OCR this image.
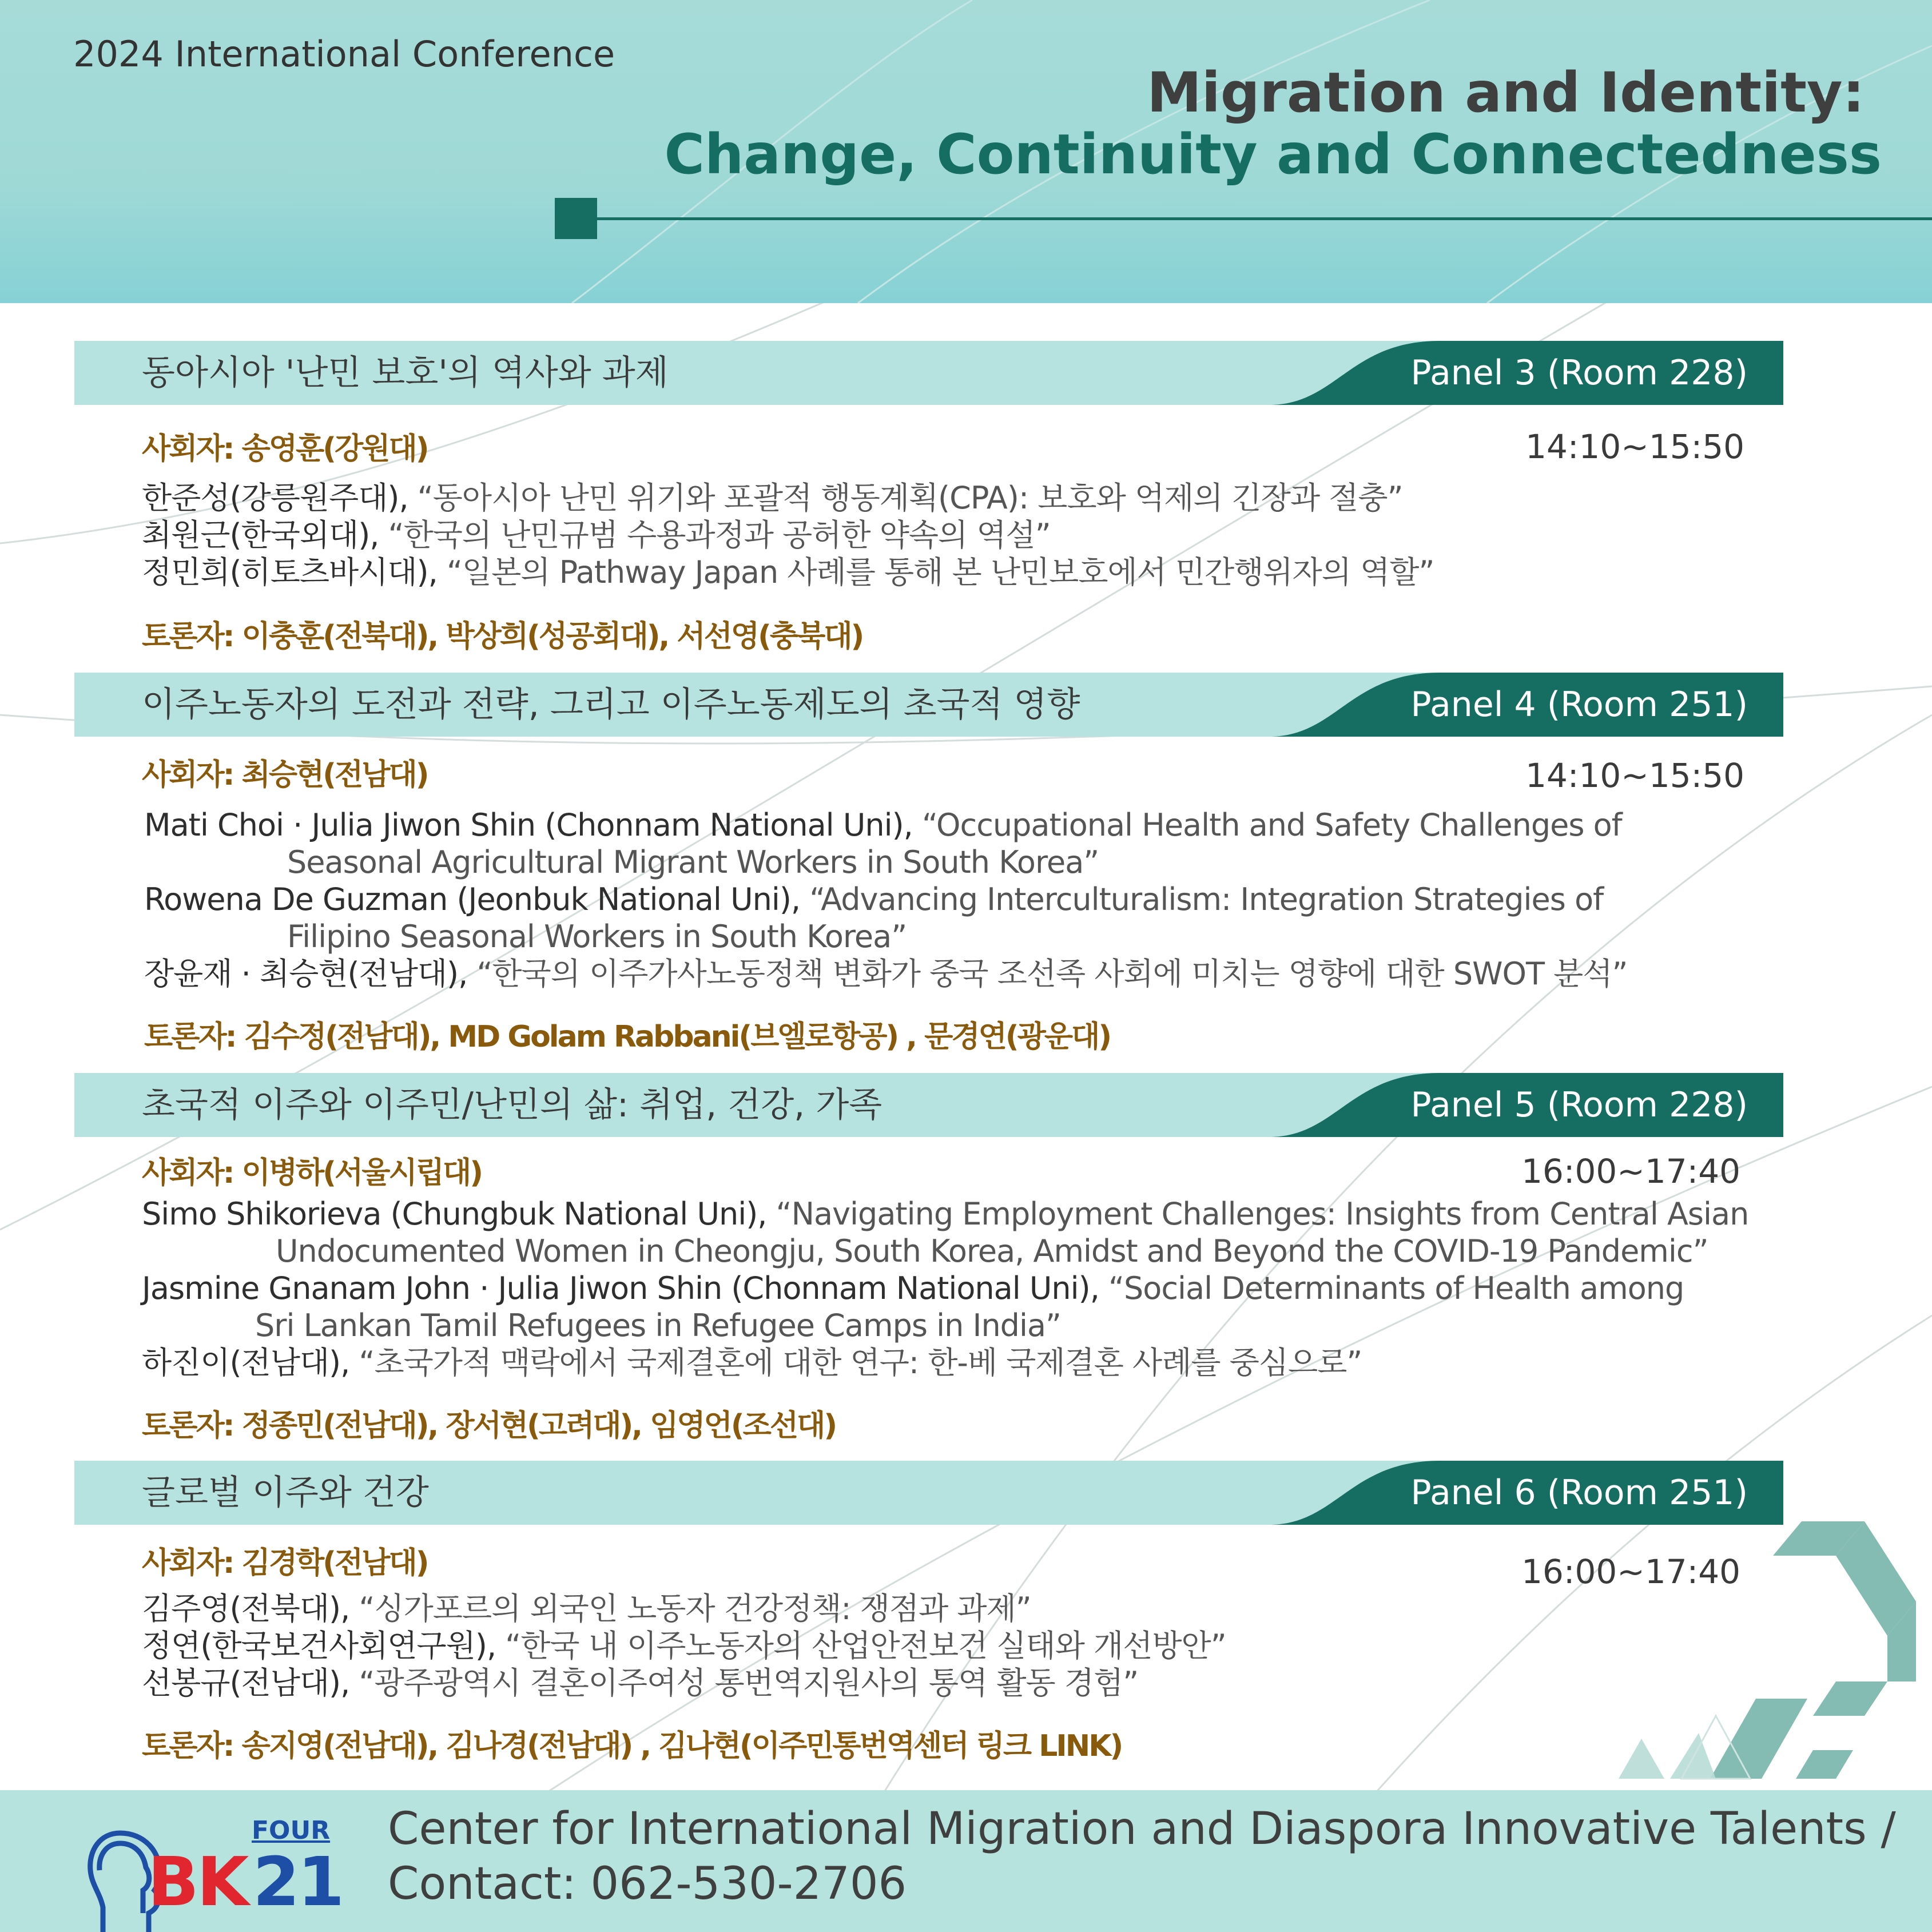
2024 International Conference
Migration and Identity:
Change, Continuity and Connectedness
동아시아 '난민 보호'의 역사와 과제	Panel 3 (Room 228)
사회자: 송영훈(강원대)	14:10~15:50
한준성(강릉원주대), “동아시아 난민 위기와 포괄적 행동계획(CPA): 보호와 억제의 긴장과 절충”
최원근(한국외대), “한국의 난민규범 수용과정과 공허한 약속의 역설”
정민희(히토츠바시대), “일본의 Pathway Japan 사례를 통해 본 난민보호에서 민간행위자의 역할”
토론자: 이충훈(전북대), 박상희(성공회대), 서선영(충북대)
이주노동자의 도전과 전략, 그리고 이주노동제도의 초국적 영향	Panel 4 (Room 251)
사회자: 최승현(전남대)	14:10~15:50
Mati Choi · Julia Jiwon Shin (Chonnam National Uni), “Occupational Health and Safety Challenges of
Seasonal Agricultural Migrant Workers in South Korea”
Rowena De Guzman (Jeonbuk National Uni), “Advancing Interculturalism: Integration Strategies of
Filipino Seasonal Workers in South Korea”
장윤재 · 최승현(전남대), “한국의 이주가사노동정책 변화가 중국 조선족 사회에 미치는 영향에 대한 SWOT 분석”
토론자: 김수정(전남대), MD Golam Rabbani(브엘로항공) , 문경연(광운대)
초국적 이주와 이주민/난민의 삶: 취업, 건강, 가족	Panel 5 (Room 228)
사회자: 이병하(서울시립대)	16:00~17:40
Simo Shikorieva (Chungbuk National Uni), “Navigating Employment Challenges: Insights from Central Asian
Undocumented Women in Cheongju, South Korea, Amidst and Beyond the COVID-19 Pandemic”
Jasmine Gnanam John · Julia Jiwon Shin (Chonnam National Uni), “Social Determinants of Health among
Sri Lankan Tamil Refugees in Refugee Camps in India”
하진이(전남대), “초국가적 맥락에서 국제결혼에 대한 연구: 한-베 국제결혼 사례를 중심으로”
토론자: 정종민(전남대), 장서현(고려대), 임영언(조선대)
글로벌 이주와 건강	Panel 6 (Room 251)
사회자: 김경학(전남대)	16:00~17:40
김주영(전북대), “싱가포르의 외국인 노동자 건강정책: 쟁점과 과제”
정연(한국보건사회연구원), “한국 내 이주노동자의 산업안전보건 실태와 개선방안”
선봉규(전남대), “광주광역시 결혼이주여성 통번역지원사의 통역 활동 경험”
토론자: 송지영(전남대), 김나경(전남대) , 김나현(이주민통번역센터 링크 LINK)
FOUR
BK 21
Center for International Migration and Diaspora Innovative Talents /
Contact: 062-530-2706
